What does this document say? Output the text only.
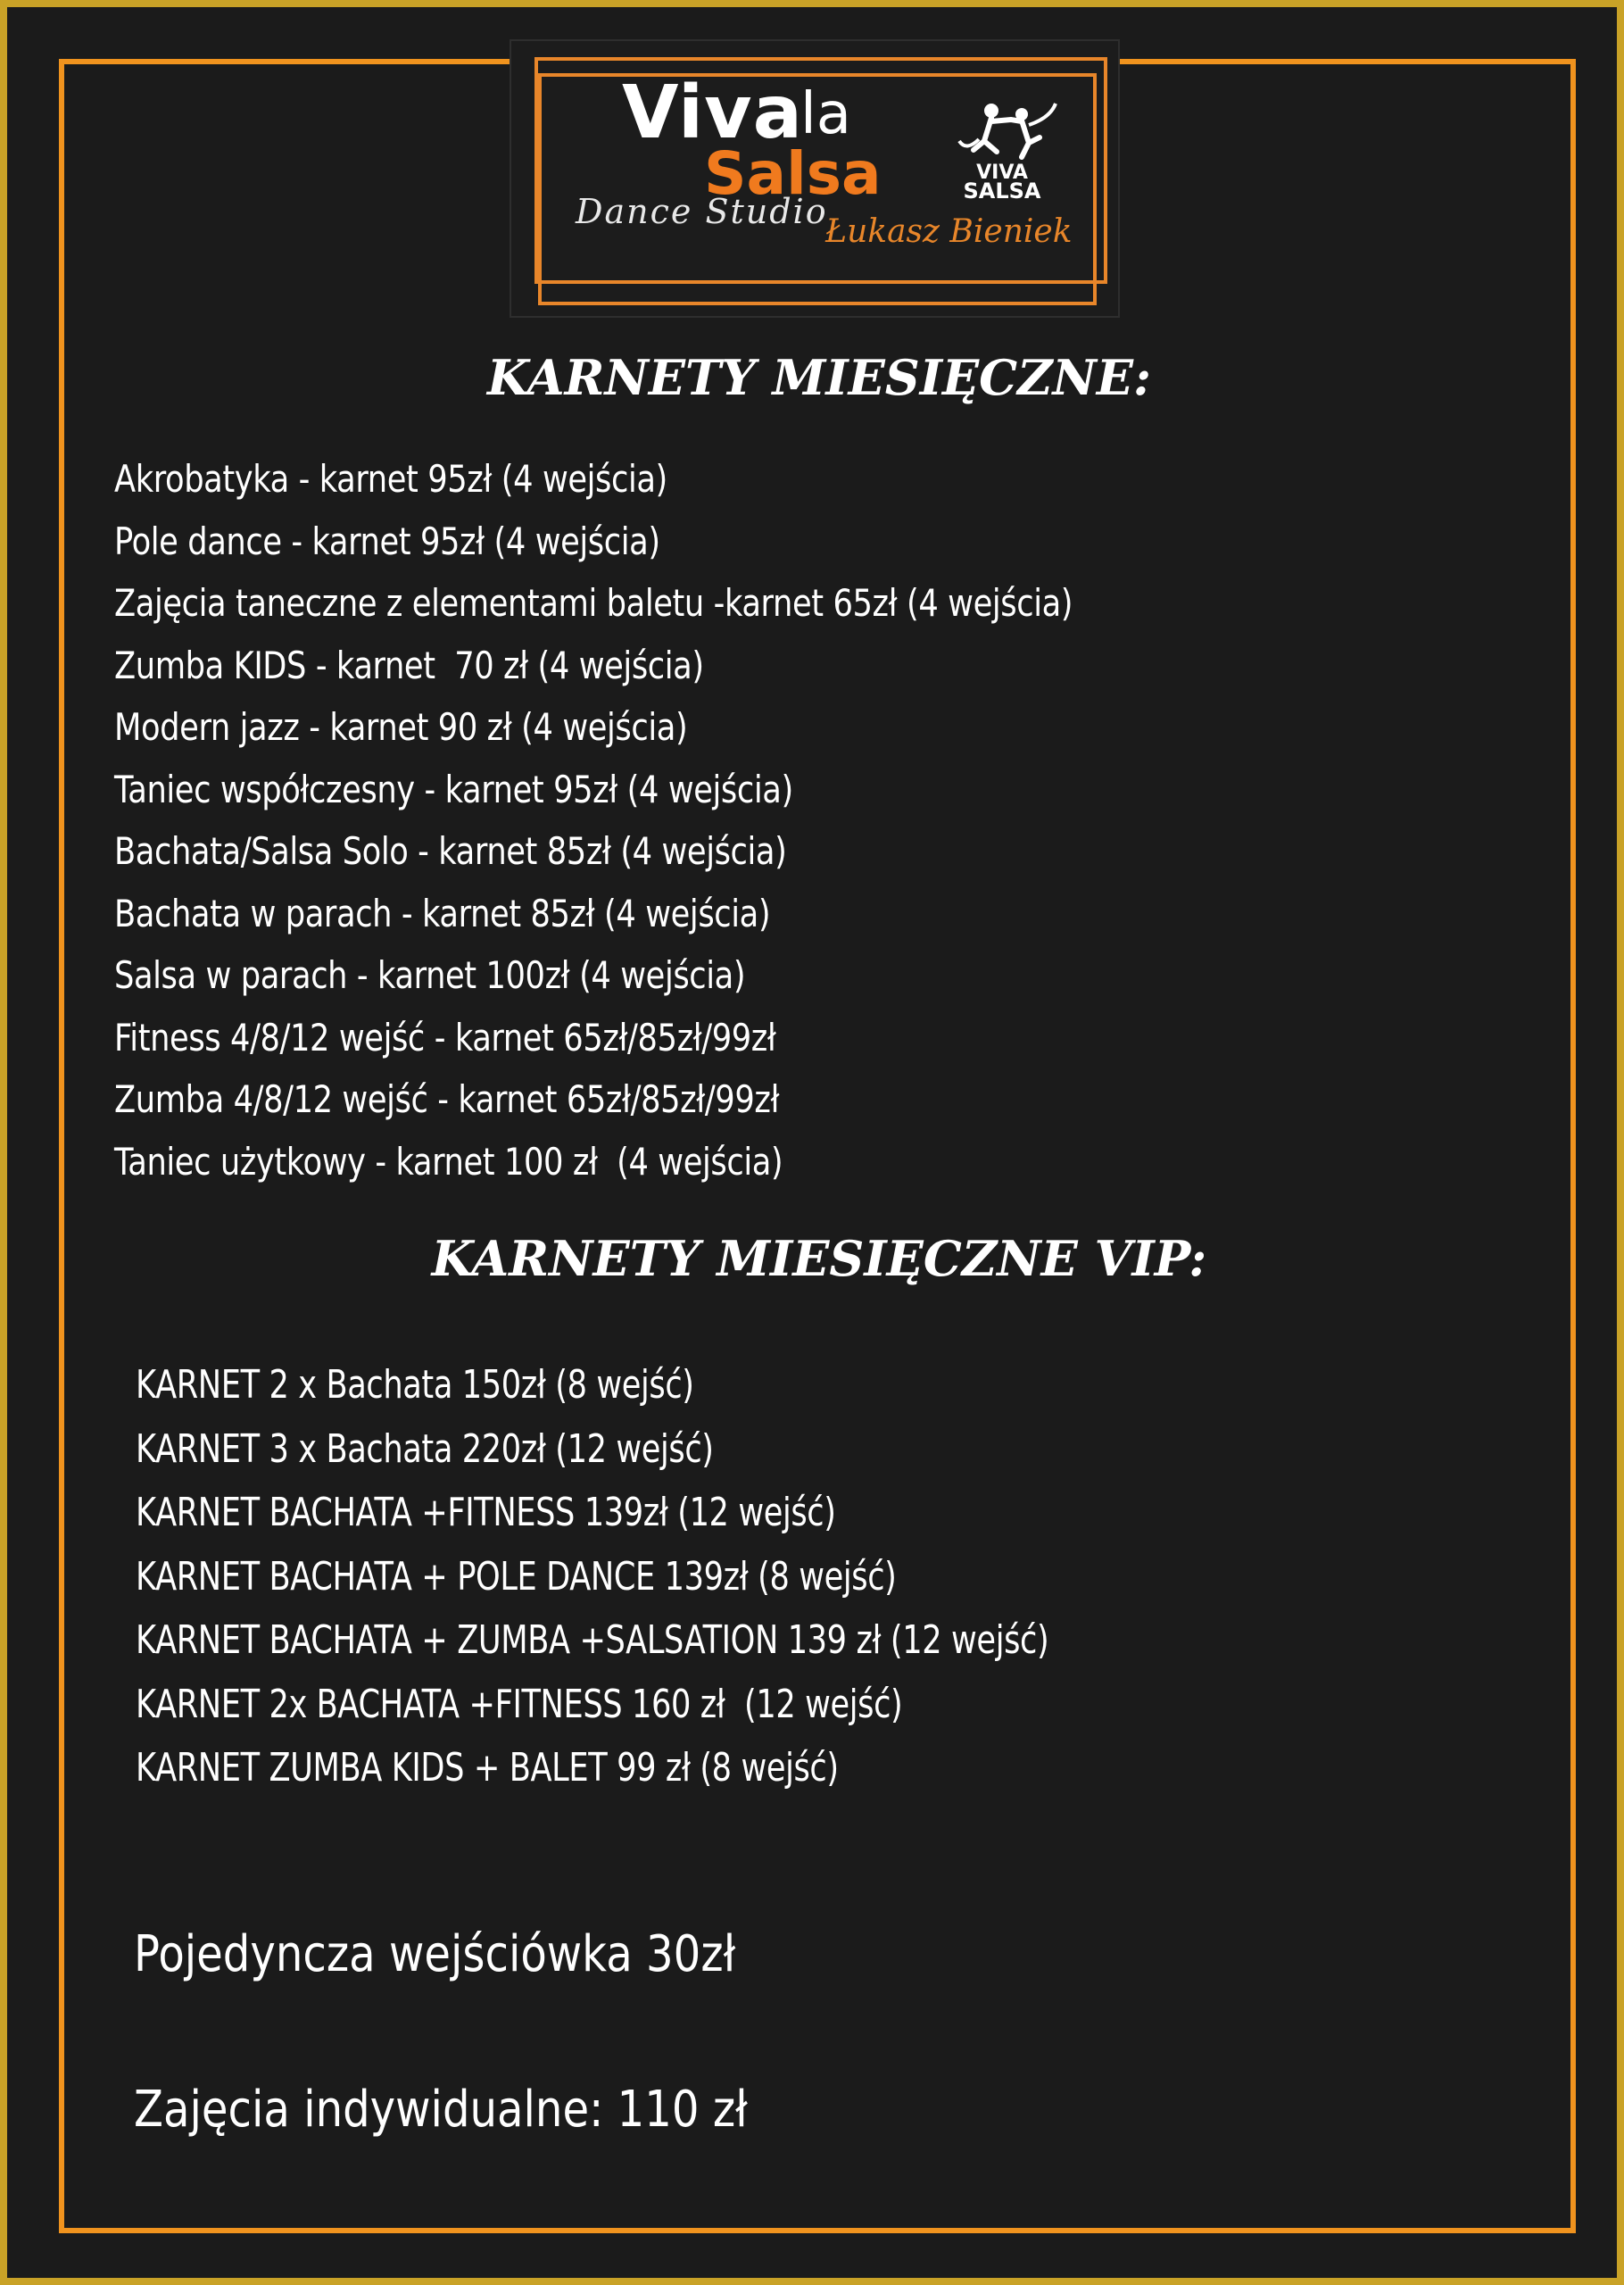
Viva
la
Salsa
Dance Studio
Łukasz Bieniek
VIVA
SALSA
KARNETY MIESIĘCZNE:
Akrobatyka - karnet 95zł (4 wejścia)
Pole dance - karnet 95zł (4 wejścia)
Zajęcia taneczne z elementami baletu -karnet 65zł (4 wejścia)
Zumba KIDS - karnet  70 zł (4 wejścia)
Modern jazz - karnet 90 zł (4 wejścia)
Taniec współczesny - karnet 95zł (4 wejścia)
Bachata/Salsa Solo - karnet 85zł (4 wejścia)
Bachata w parach - karnet 85zł (4 wejścia)
Salsa w parach - karnet 100zł (4 wejścia)
Fitness 4/8/12 wejść - karnet 65zł/85zł/99zł
Zumba 4/8/12 wejść - karnet 65zł/85zł/99zł
Taniec użytkowy - karnet 100 zł  (4 wejścia)
KARNETY MIESIĘCZNE VIP:
KARNET 2 x Bachata 150zł (8 wejść)
KARNET 3 x Bachata 220zł (12 wejść)
KARNET BACHATA +FITNESS 139zł (12 wejść)
KARNET BACHATA + POLE DANCE 139zł (8 wejść)
KARNET BACHATA + ZUMBA +SALSATION 139 zł (12 wejść)
KARNET 2x BACHATA +FITNESS 160 zł  (12 wejść)
KARNET ZUMBA KIDS + BALET 99 zł (8 wejść)
Pojedyncza wejściówka 30zł
Zajęcia indywidualne: 110 zł
